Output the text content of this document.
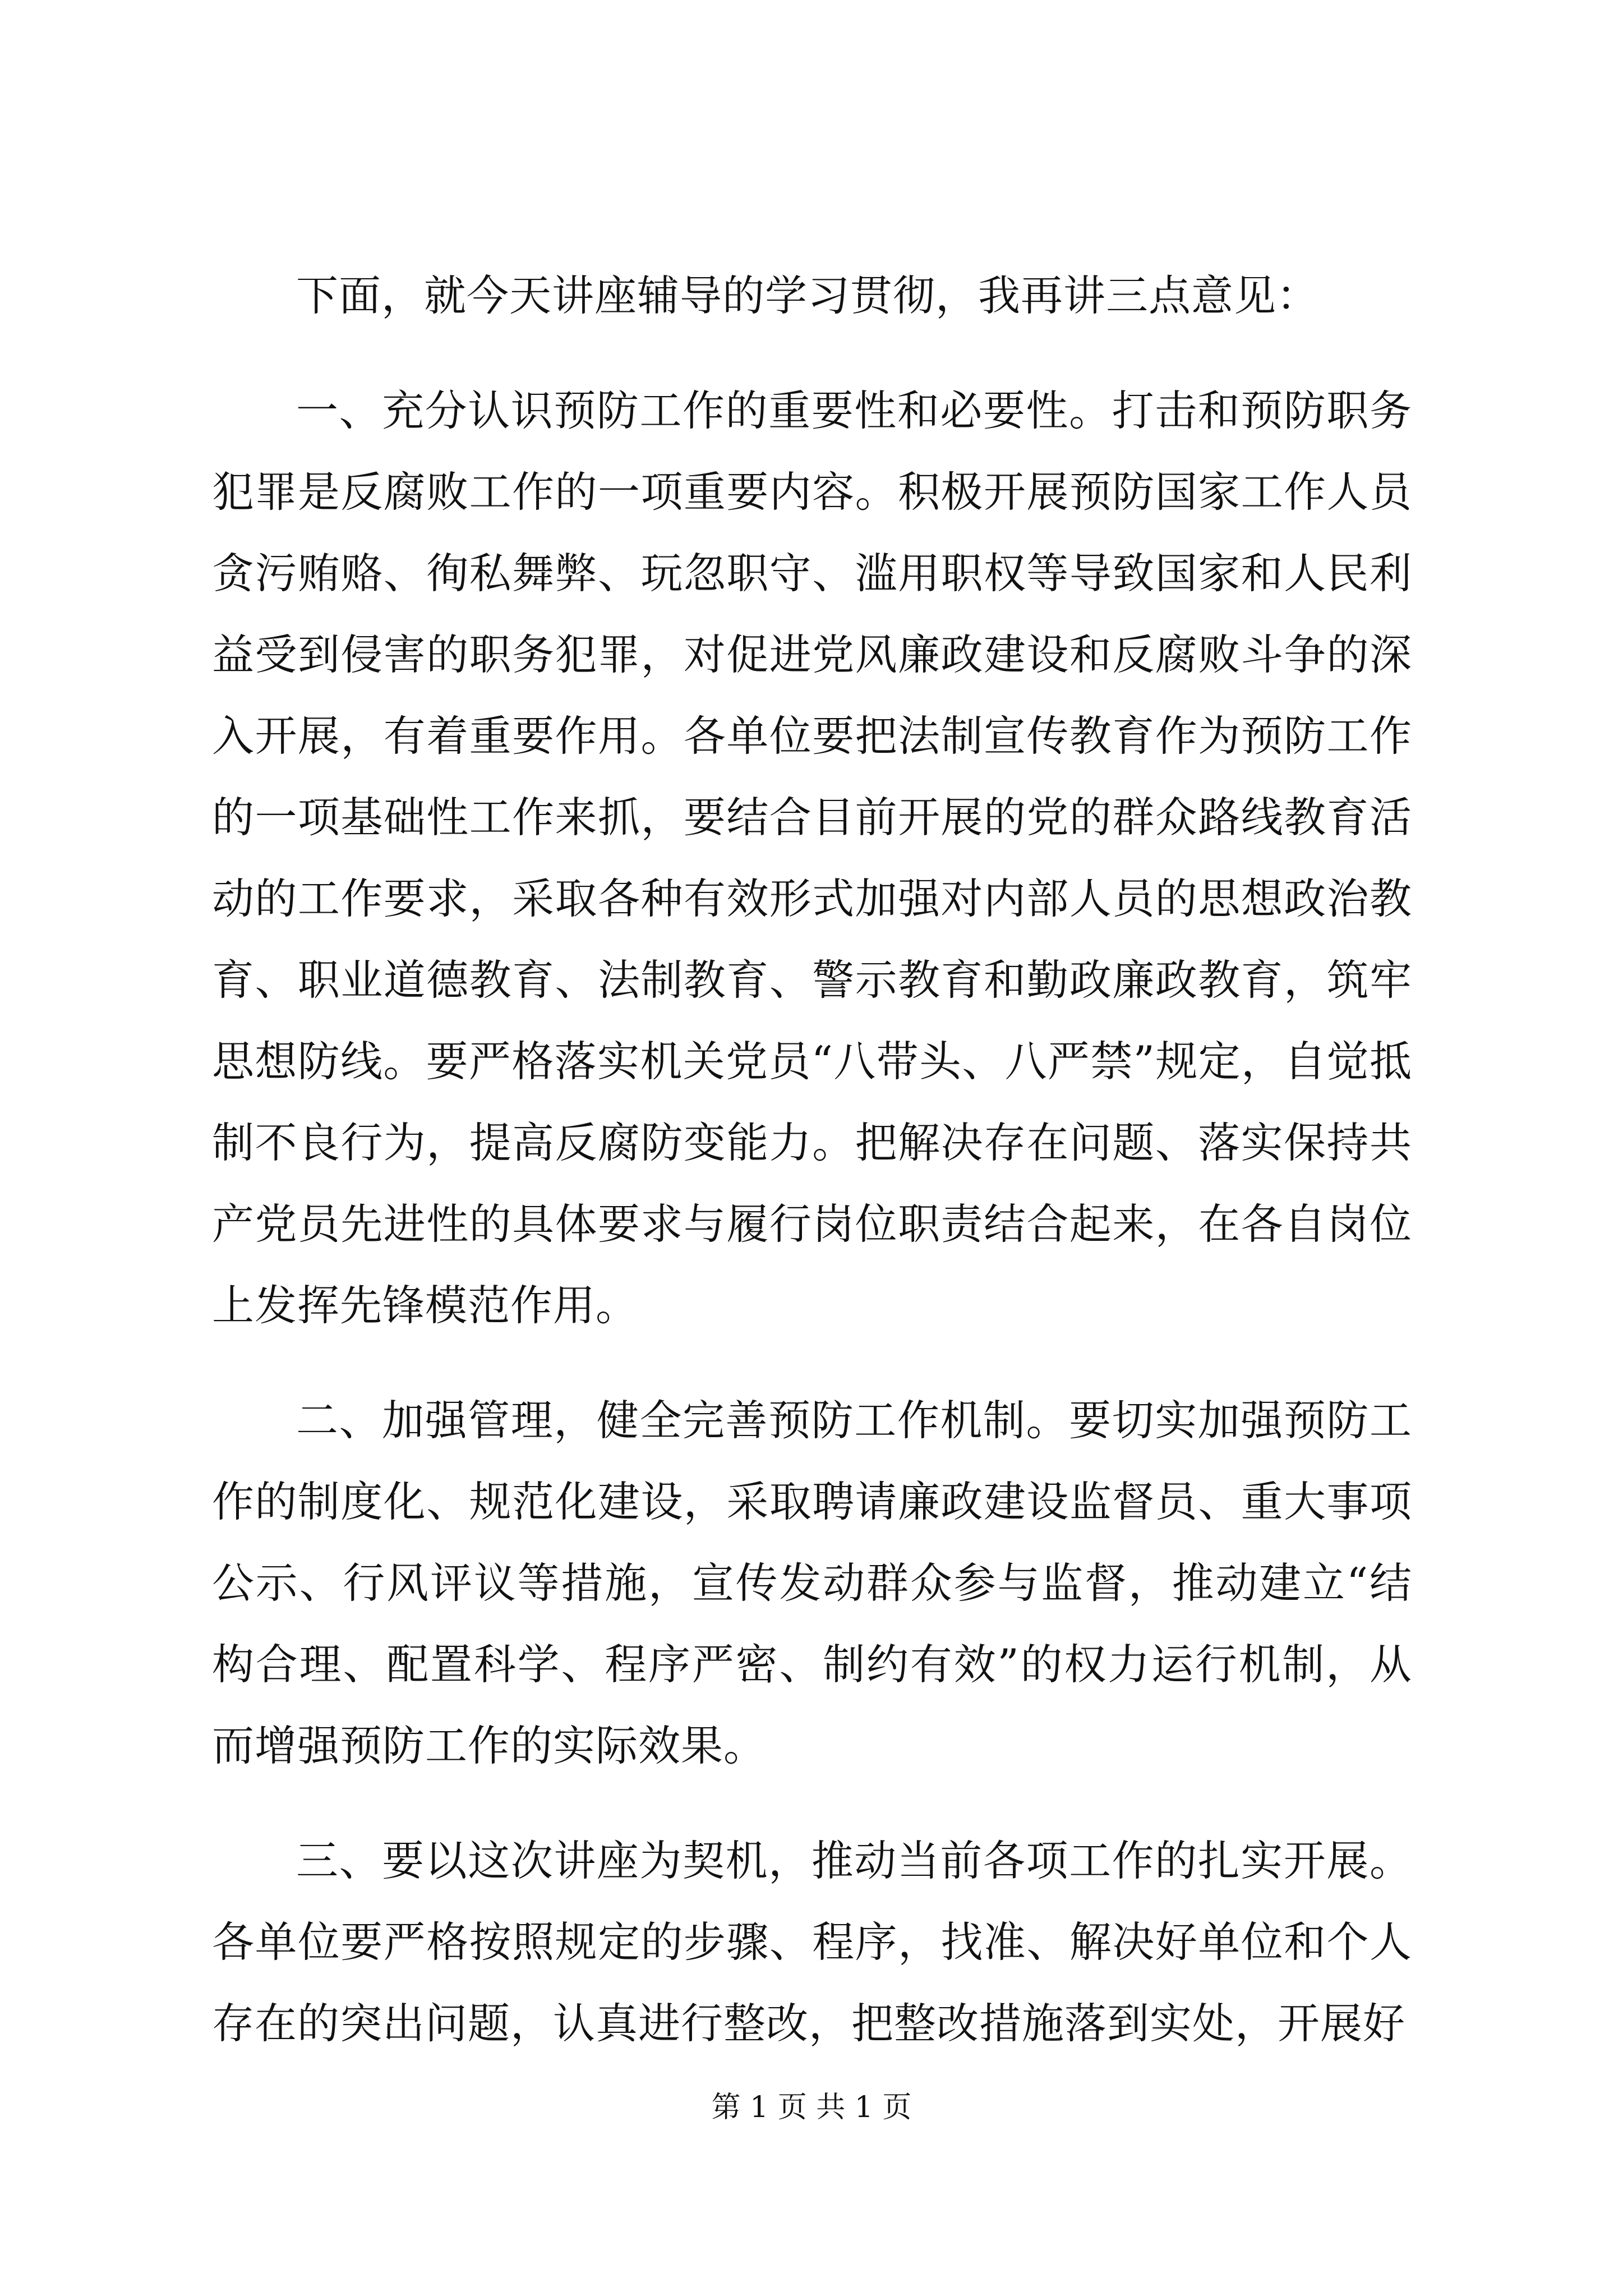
下面，就今天讲座辅导的学习贯彻，我再讲三点意见：

一、充分认识预防工作的重要性和必要性。打击和预防职务犯罪是反腐败工作的一项重要内容。积极开展预防国家工作人员贪污贿赂、徇私舞弊、玩忽职守、滥用职权等导致国家和人民利益受到侵害的职务犯罪，对促进党风廉政建设和反腐败斗争的深入开展，有着重要作用。各单位要把法制宣传教育作为预防工作的一项基础性工作来抓，要结合目前开展的党的群众路线教育活动的工作要求，采取各种有效形式加强对内部人员的思想政治教育、职业道德教育、法制教育、警示教育和勤政廉政教育，筑牢思想防线。要严格落实机关党员“八带头、八严禁”规定，自觉抵制不良行为，提高反腐防变能力。把解决存在问题、落实保持共产党员先进性的具体要求与履行岗位职责结合起来，在各自岗位上发挥先锋模范作用。

二、加强管理，健全完善预防工作机制。要切实加强预防工作的制度化、规范化建设，采取聘请廉政建设监督员、重大事项公示、行风评议等措施，宣传发动群众参与监督，推动建立“结构合理、配置科学、程序严密、制约有效”的权力运行机制，从而增强预防工作的实际效果。

三、要以这次讲座为契机，推动当前各项工作的扎实开展。各单位要严格按照规定的步骤、程序，找准、解决好单位和个人存在的突出问题，认真进行整改，把整改措施落到实处，开展好

第 1 页 共 1 页
